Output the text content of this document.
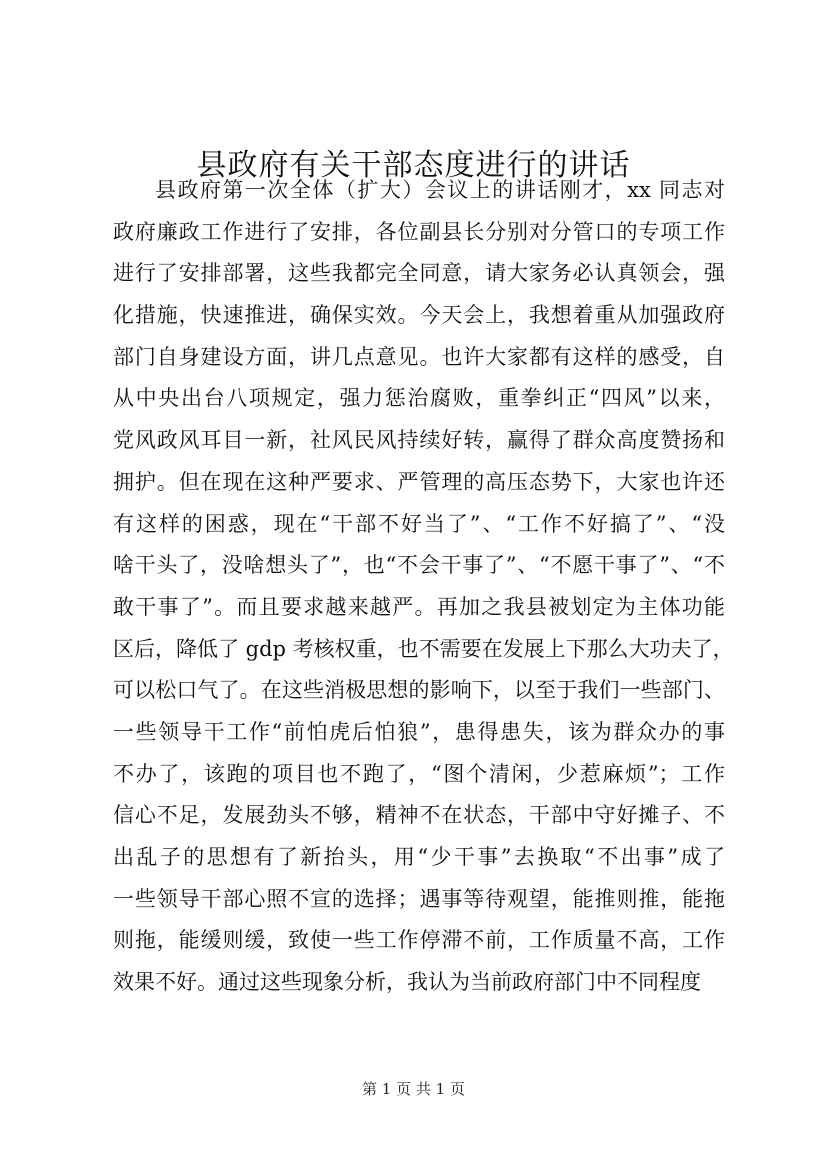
县政府有关干部态度进行的讲话
县政府第一次全体（扩大）会议上的讲话刚才，xx 同志对
政府廉政工作进行了安排，各位副县长分别对分管口的专项工作
进行了安排部署，这些我都完全同意，请大家务必认真领会，强
化措施，快速推进，确保实效。今天会上，我想着重从加强政府
部门自身建设方面，讲几点意见。也许大家都有这样的感受，自
从中央出台八项规定，强力惩治腐败，重拳纠正“四风”以来，
党风政风耳目一新，社风民风持续好转，赢得了群众高度赞扬和
拥护。但在现在这种严要求、严管理的高压态势下，大家也许还
有这样的困惑，现在“干部不好当了”、“工作不好搞了”、“没
啥干头了，没啥想头了”，也“不会干事了”、“不愿干事了”、“不
敢干事了”。而且要求越来越严。再加之我县被划定为主体功能
区后，降低了 gdp 考核权重，也不需要在发展上下那么大功夫了，
可以松口气了。在这些消极思想的影响下，以至于我们一些部门、
一些领导干工作“前怕虎后怕狼”，患得患失，该为群众办的事
不办了，该跑的项目也不跑了，“图个清闲，少惹麻烦”；工作
信心不足，发展劲头不够，精神不在状态，干部中守好摊子、不
出乱子的思想有了新抬头，用“少干事”去换取“不出事”成了
一些领导干部心照不宣的选择；遇事等待观望，能推则推，能拖
则拖，能缓则缓，致使一些工作停滞不前，工作质量不高，工作
效果不好。通过这些现象分析，我认为当前政府部门中不同程度
第 1 页 共 1 页
